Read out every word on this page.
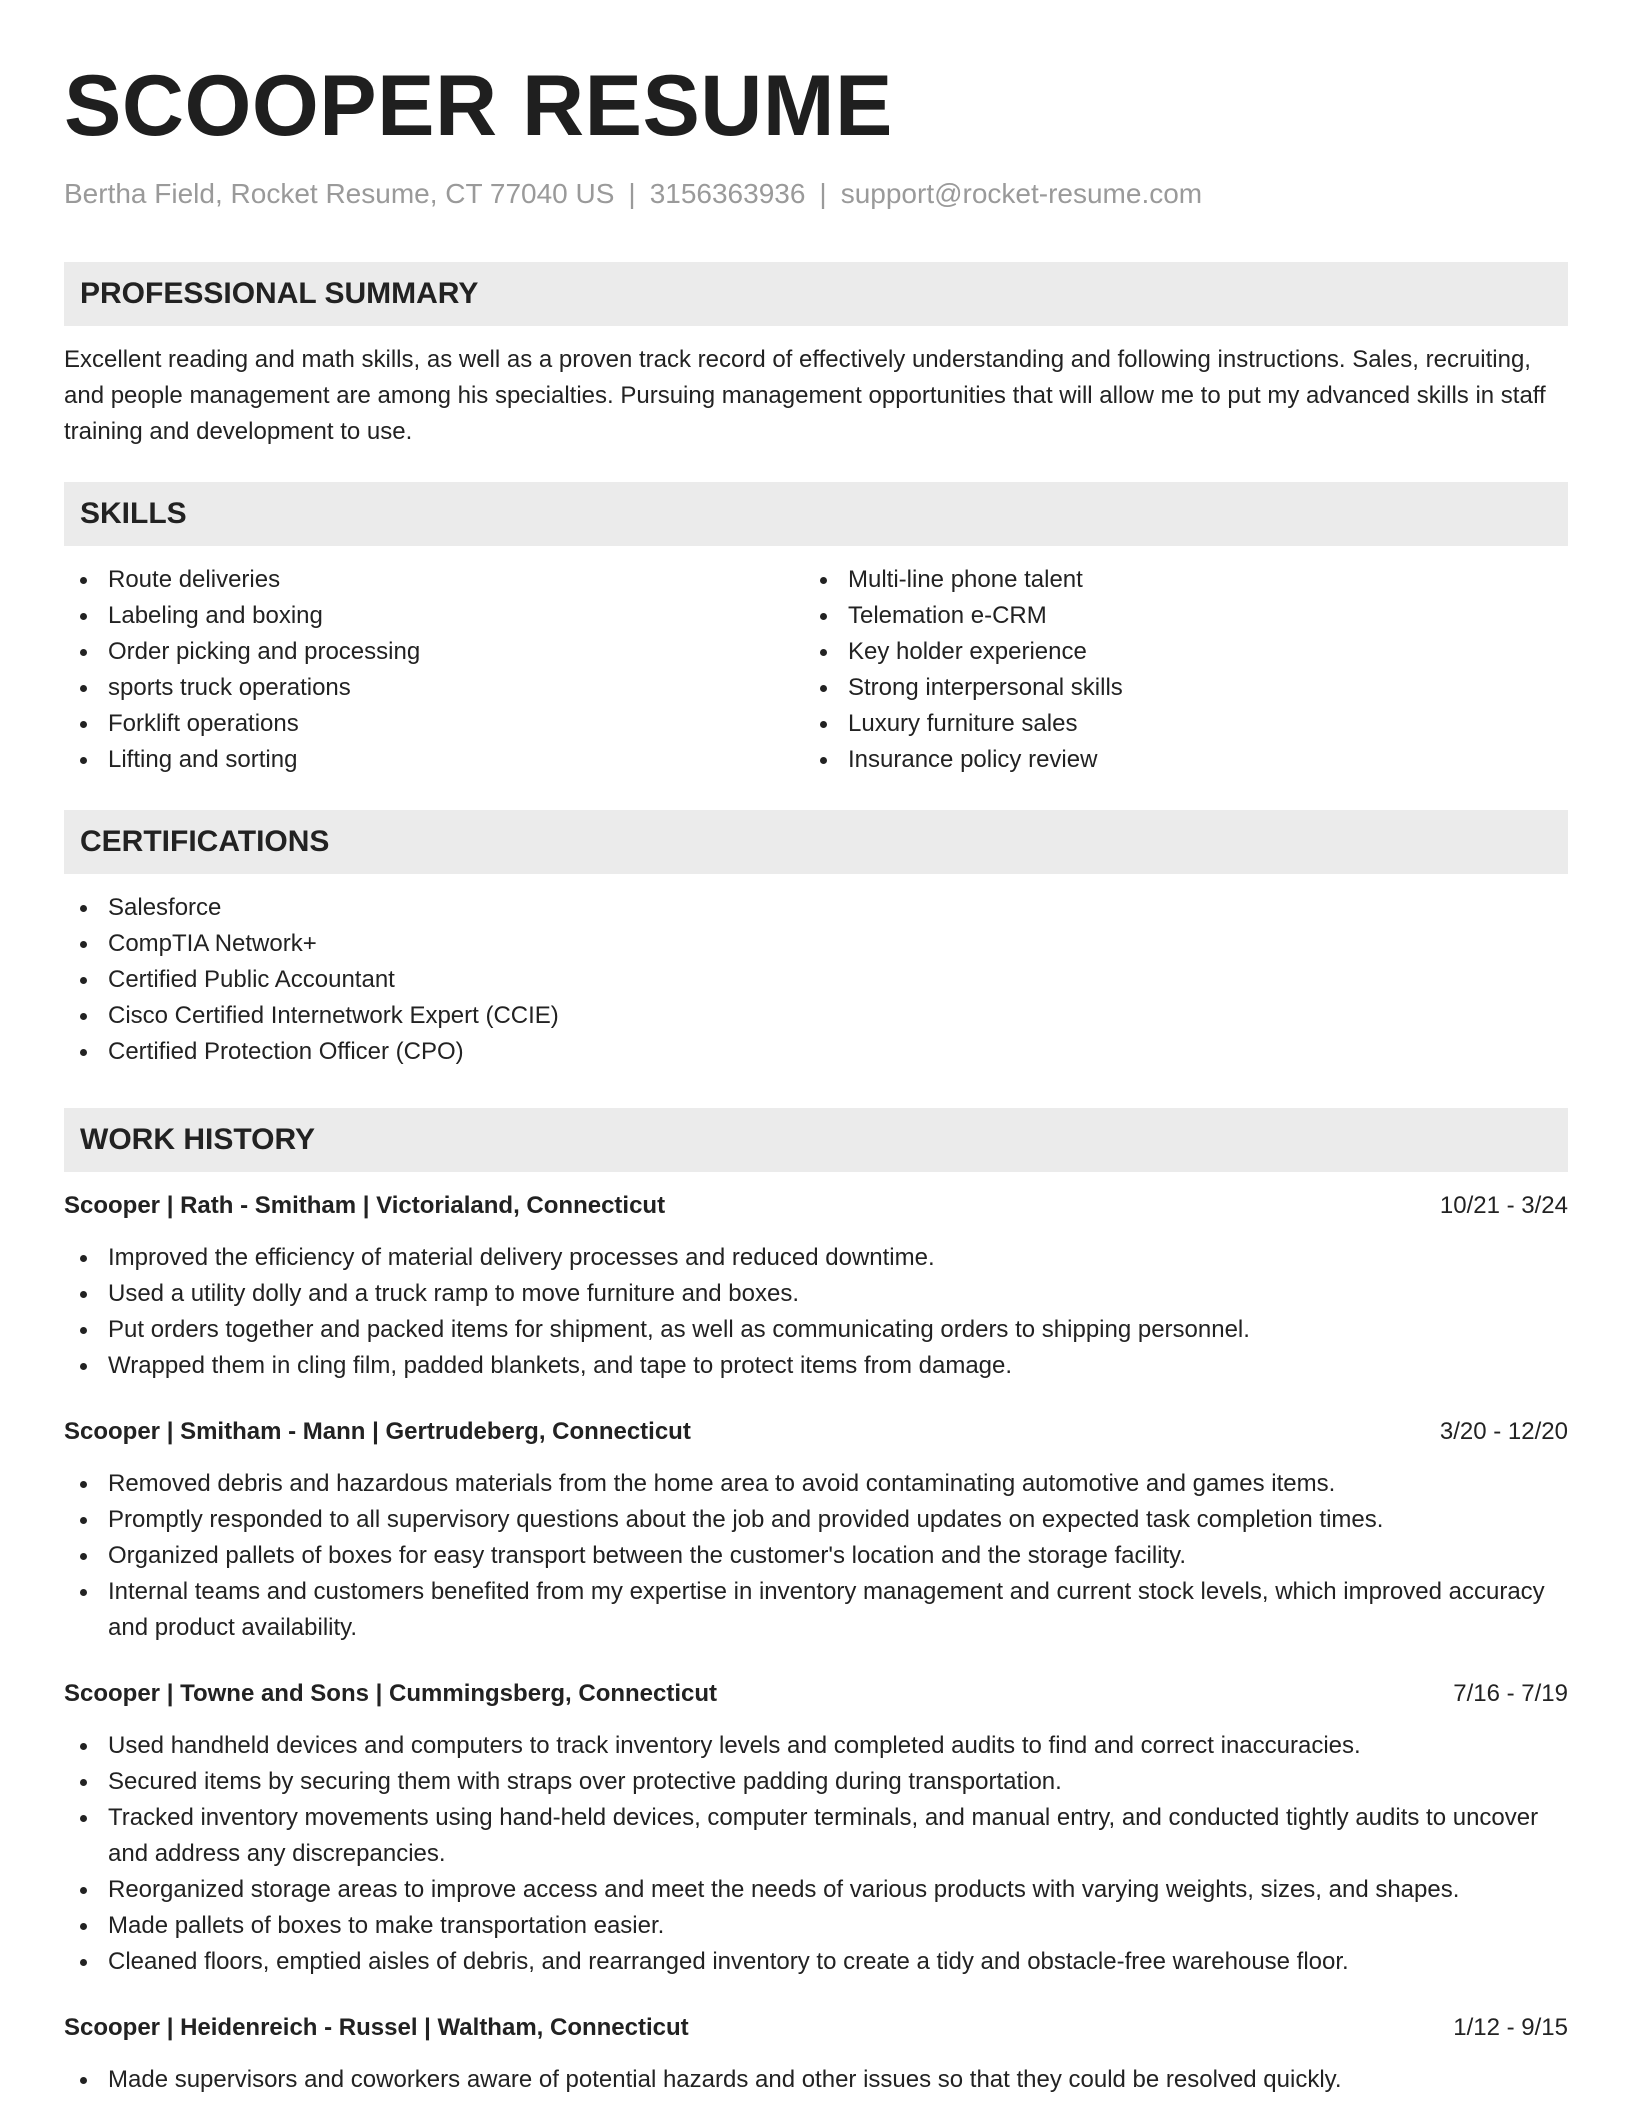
SCOOPER RESUME
Bertha Field, Rocket Resume, CT 77040 US | 3156363936 | support@rocket-resume.com
PROFESSIONAL SUMMARY

Excellent reading and math skills, as well as a proven track record of effectively understanding and following instructions. Sales, recruiting, and people management are among his specialties. Pursuing management opportunities that will allow me to put my advanced skills in staff training and development to use.

SKILLS
Route deliveries
Labeling and boxing
Order picking and processing
sports truck operations
Forklift operations
Lifting and sorting
Multi-line phone talent
Telemation e-CRM
Key holder experience
Strong interpersonal skills
Luxury furniture sales
Insurance policy review
CERTIFICATIONS
Salesforce
CompTIA Network+
Certified Public Accountant
Cisco Certified Internetwork Expert (CCIE)
Certified Protection Officer (CPO)
WORK HISTORY
Scooper | Rath - Smitham | Victorialand, Connecticut	10/21 - 3/24
Improved the efficiency of material delivery processes and reduced downtime.
Used a utility dolly and a truck ramp to move furniture and boxes.
Put orders together and packed items for shipment, as well as communicating orders to shipping personnel.
Wrapped them in cling film, padded blankets, and tape to protect items from damage.
Scooper | Smitham - Mann | Gertrudeberg, Connecticut	3/20 - 12/20
Removed debris and hazardous materials from the home area to avoid contaminating automotive and games items.
Promptly responded to all supervisory questions about the job and provided updates on expected task completion times.
Organized pallets of boxes for easy transport between the customer's location and the storage facility.
Internal teams and customers benefited from my expertise in inventory management and current stock levels, which improved accuracy and product availability.
Scooper | Towne and Sons | Cummingsberg, Connecticut	7/16 - 7/19
Used handheld devices and computers to track inventory levels and completed audits to find and correct inaccuracies.
Secured items by securing them with straps over protective padding during transportation.
Tracked inventory movements using hand-held devices, computer terminals, and manual entry, and conducted tightly audits to uncover and address any discrepancies.
Reorganized storage areas to improve access and meet the needs of various products with varying weights, sizes, and shapes.
Made pallets of boxes to make transportation easier.
Cleaned floors, emptied aisles of debris, and rearranged inventory to create a tidy and obstacle-free warehouse floor.
Scooper | Heidenreich - Russel | Waltham, Connecticut	1/12 - 9/15
Made supervisors and coworkers aware of potential hazards and other issues so that they could be resolved quickly.
